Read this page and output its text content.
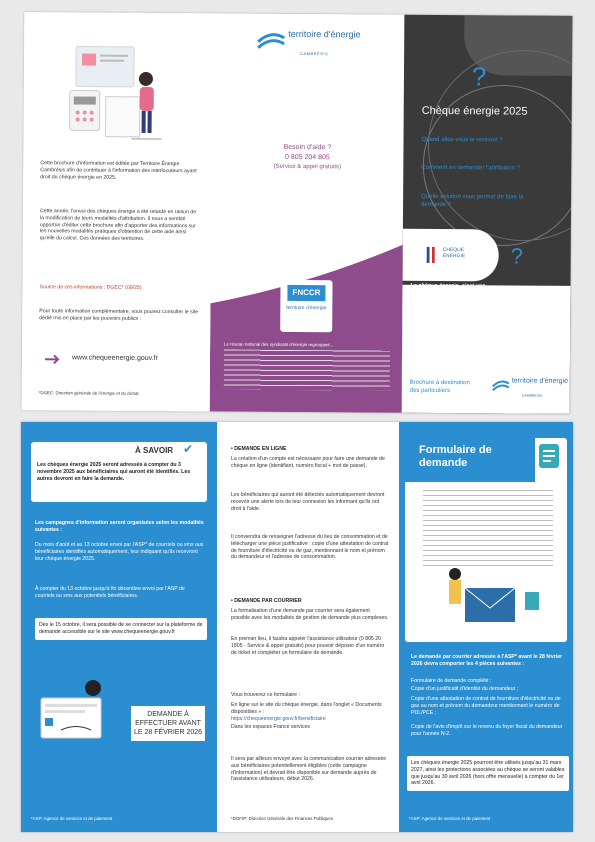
Cette brochure d'information est éditée par Territoire Énergie Cambrésis afin de contribuer à l'information des interlocuteurs ayant droit du chèque énergie en 2025.
Cette année, l'envoi des chèques énergie a été retardé en raison de la modification de leurs modalités d'attribution. Il nous a semblé opportun d'éditer cette brochure afin d'apporter des informations sur les nouvelles modalités pratiques d'obtention de cette aide ainsi qu'elle du calcul. Ces données des territoires.
Source de ces informations : DGEC* (09/25)
Pour toute information complémentaire, vous pouvez consulter le site dédié mis en place par les pouvoirs publics :
www.chequeenergie.gouv.fr
*DGEC: Direction générale de l'énergie et du climat
territoire d'énergie
CAMBRÉSIS
Besoin d'aide ?
0 805 204 805
(Service & appel gratuits)
FNCCR
territoire d'énergie
Le réseau national des syndicats d'énergie regroupant...
?
Chèque énergie 2025
Quand allez-vous le recevoir ?
Comment en demander l'attribution ?
Quelle solution vous permet de faire la demande ?
CHÈQUE
ÉNERGIE ?
Le chèque énergie, c'est une aide
à destination des ménages modestes pour payer leurs factures d'énergie
Brochure à destination des particuliers
territoire d'énergie
CAMBRÉSIS
À SAVOIR ✔
Les chèques énergie 2025 seront adressés à compter du 3 novembre 2025 aux bénéficiaires qui auront été identifiés. Les autres devront en faire la demande.
Les campagnes d'information seront organisées selon les modalités suivantes :
Du mois d'août et au 13 octobre envoi par l'ASP* de courriels ou sms aux bénéficiaires identifiés automatiquement, leur indiquant qu'ils recevront leur chèque énergie 2025.
À compter du 13 octobre jusqu'à fin décembre envoi par l'ASP de courriels ou sms aux potentiels bénéficiaires.
Dès le 15 octobre, il sera possible de se connecter sur la plateforme de demande accessible sur le site www.chequeenergie.gouv.fr
DEMANDE À EFFECTUER AVANT LE 28 FÉVRIER 2026
*ASP: Agence de services et de paiement
• DEMANDE EN LIGNE
La création d'un compte est nécessaire pour faire une demande de chèque en ligne (identifiant, numéro fiscal + mot de passe).
Les bénéficiaires qui auront été détectés automatiquement devront recevoir une alerte lors de leur connexion les informant qu'ils ont droit à l'aide.
Il conviendra de renseigner l'adresse du lieu de consommation et de télécharger une pièce justificative : copie d'une attestation de contrat de fourniture d'électricité ou de gaz, mentionnant le nom et prénom du demandeur et l'adresse de consommation.
• DEMANDE PAR COURRIER
La formalisation d'une demande par courrier sera également possible avec les modalités de gestion de demande plus complexes.
En premier lieu, il faudra appeler l'assistance utilisateur (0 805 20 1805 - Service & appel gratuits) pour pouvoir déposer d'un numéro de ticket et compléter un formulaire de demande.
Vous trouverez ce formulaire :
En ligne sur le site du chèque énergie, dans l'onglet « Documents disponibles » :
https://chequeenergie.gouv.fr/beneficiaire
Dans les espaces France services
Il sera par ailleurs envoyé avec la communication courrier adressée aux bénéficiaires potentiellement éligibles (cette campagne d'information) et devrait être disponible sur demande auprès de l'assistance utilisateurs, début 2026.
*DGFIP: Direction Générale des Finances Publiques
Formulaire de demande
Le demande par courrier adressée à l'ASP* avant le 28 février 2026 devra comporter les 4 pièces suivantes :
Formulaire de demande complété ;
Copie d'un justificatif d'identité du demandeur ;
Copie d'une attestation de contrat de fourniture d'électricité ou de gaz au nom et prénom du demandeur mentionnant le numéro de PDL/PCE ;
Copie de l'avis d'impôt sur le revenu du foyer fiscal du demandeur pour l'année N-2.
Les chèques énergie 2025 pourront être utilisés jusqu'au 31 mars 2027, ainsi les protections associées au chèque se seront valables que jusqu'au 30 avril 2026 (hors offre mensuelle) à compter du 1er avril 2026.
*ASP: Agence de services et de paiement
